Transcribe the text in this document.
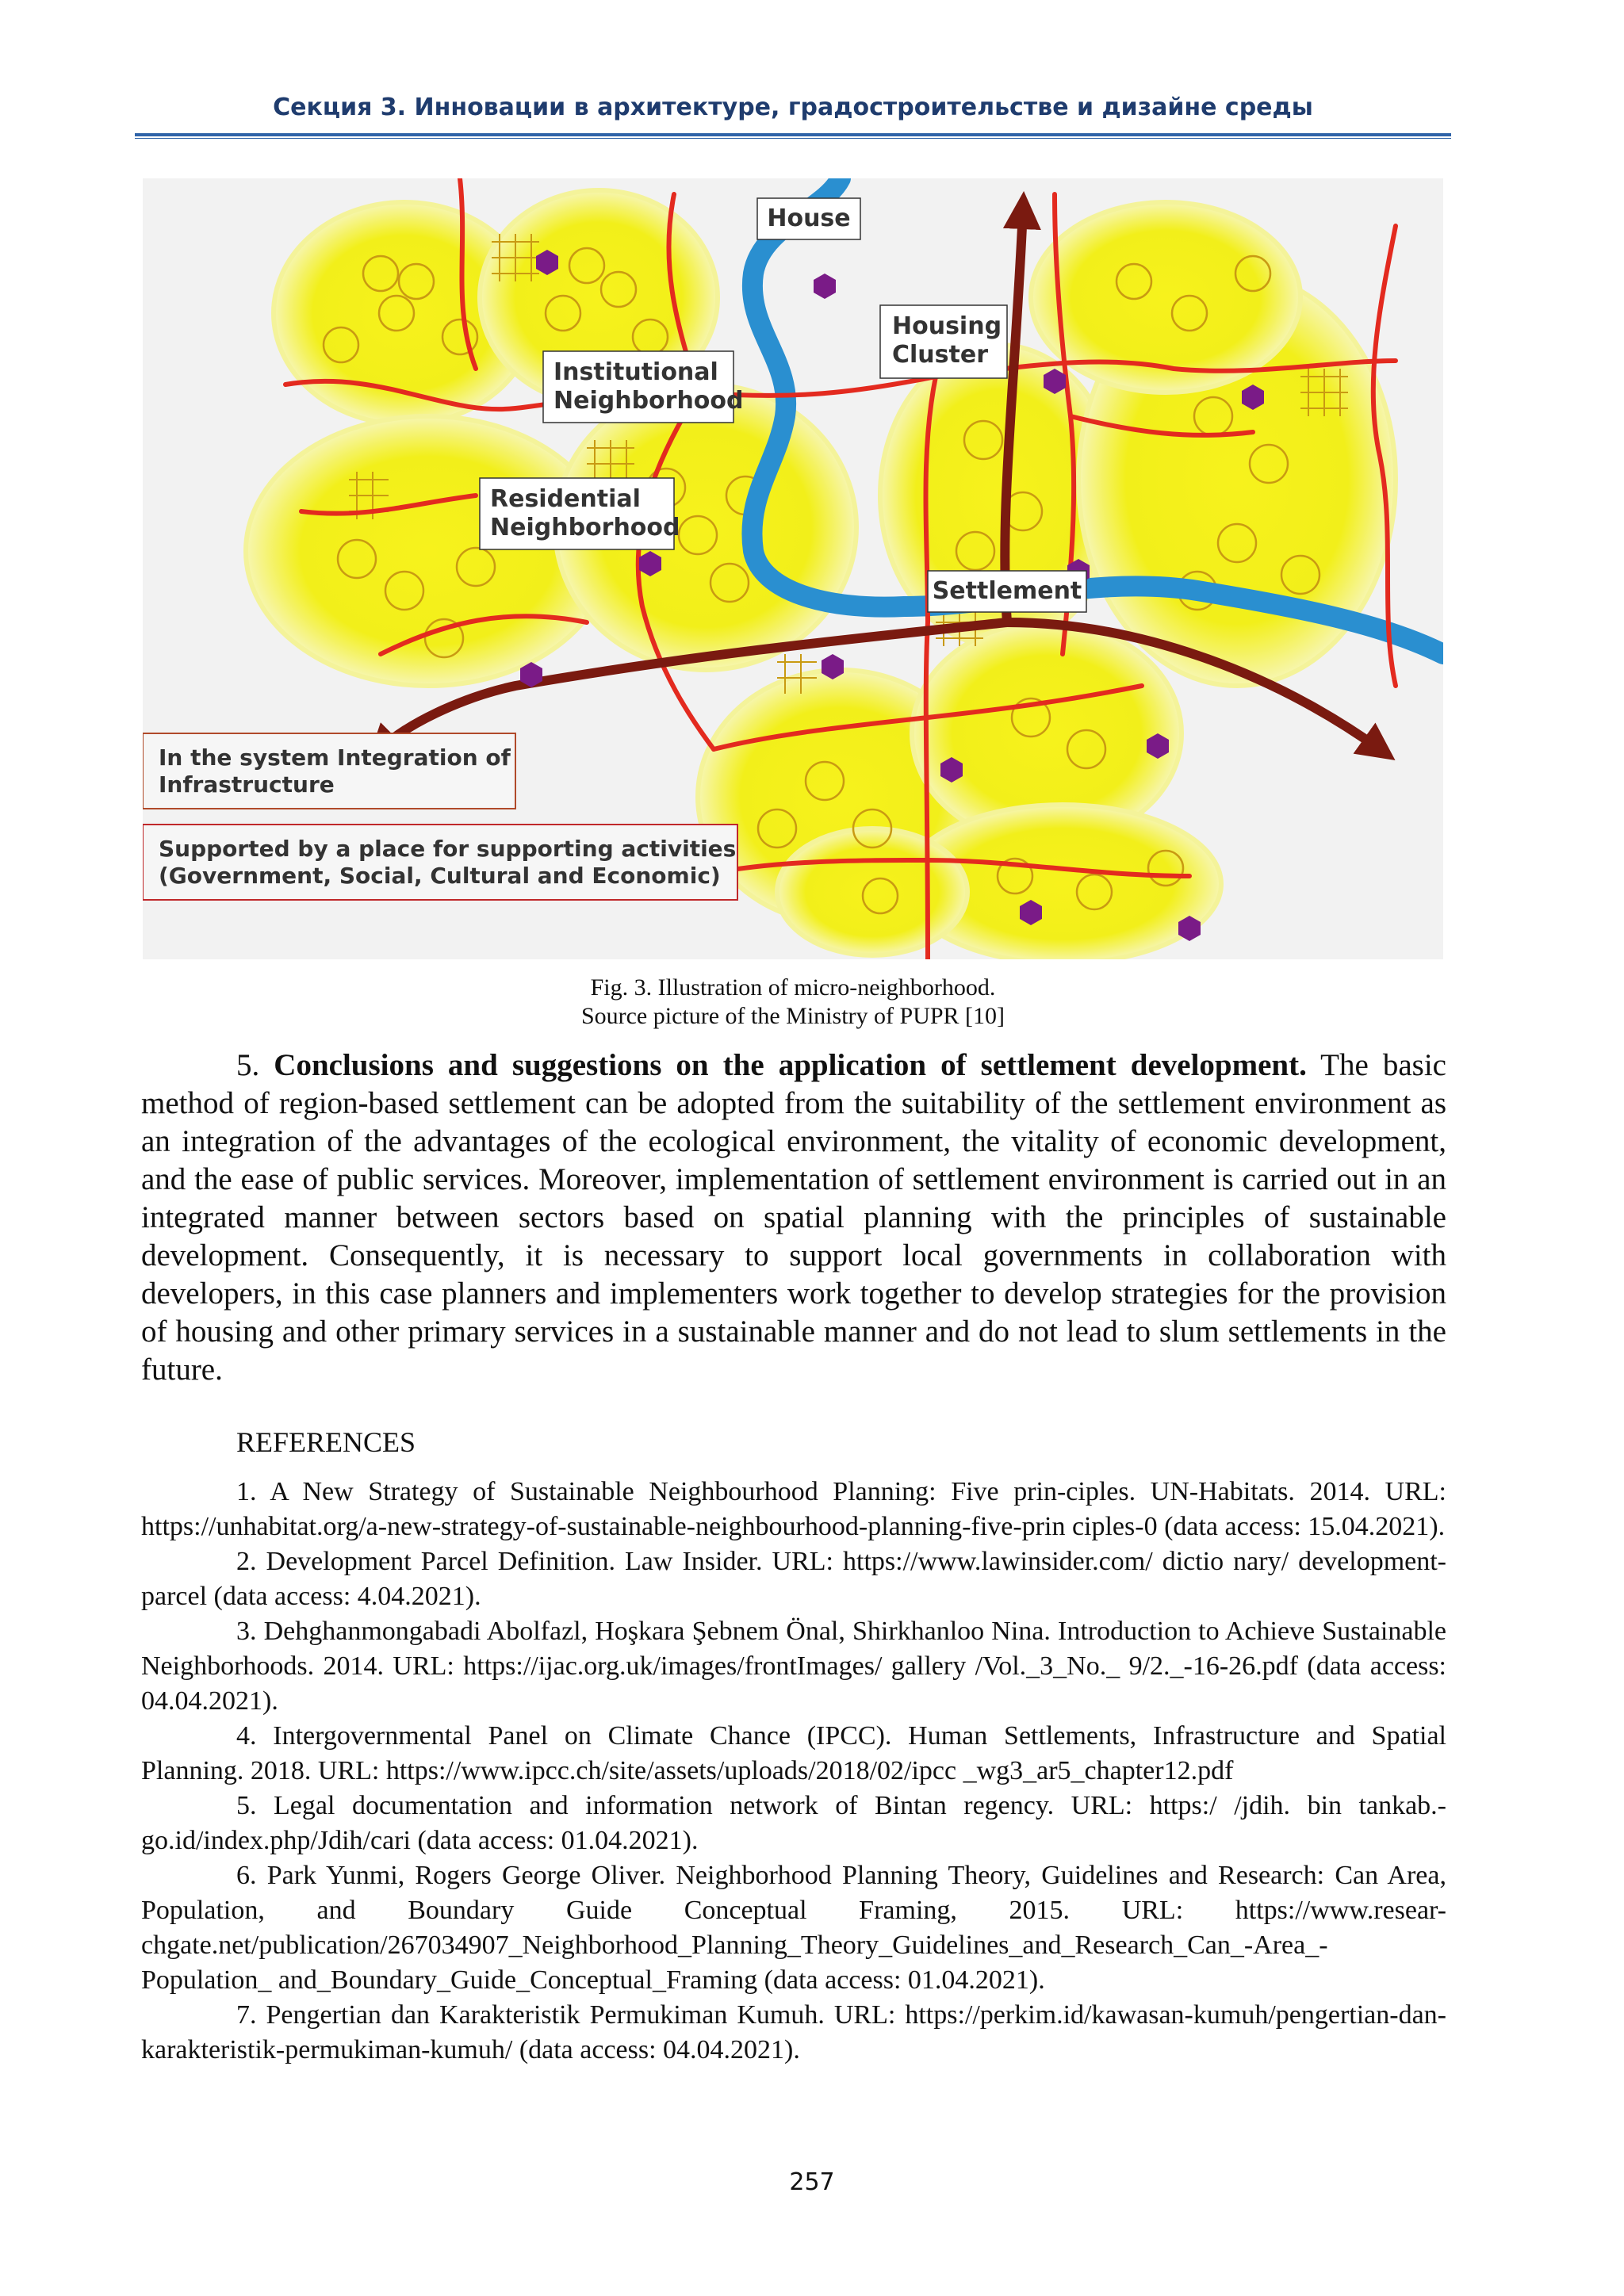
Секция 3. Инновации в архитектуре, градостроительстве и дизайне среды
House
Housing
Cluster
Institutional
Neighborhood
Residential
Neighborhood
Settlement
In the system Integration of
Infrastructure
Supported by a place for supporting activities
(Government, Social, Cultural and Economic)
Fig. 3. Illustration of micro-neighborhood.
Source picture of the Ministry of PUPR [10]

5. Conclusions and suggestions on the application of settlement development. The basic method of region-based settlement can be adopted from the suitability of the settlement environment as an integration of the advantages of the ecological environment, the vitality of economic development, and the ease of public services. Moreover, implementation of settlement environment is carried out in an integrated manner between sectors based on spatial planning with the principles of sustainable development. Consequently, it is necessary to support local governments in collaboration with developers, in this case planners and implementers work together to develop strategies for the provision of housing and other primary services in a sustainable manner and do not lead to slum settlements in the future.

REFERENCES

1. A New Strategy of Sustainable Neighbourhood Planning: Five prin-ciples. UN-Habitats. 2014. URL: https://unhabitat.org/a-new-strategy-of-sustainable-neighbourhood-planning-five-prin ciples-0 (data access: 15.04.2021).

2. Development Parcel Definition. Law Insider. URL: https://www.lawinsider.com/ dictio nary/ development-parcel (data access: 4.04.2021).

3. Dehghanmongabadi Abolfazl, Hoşkara Şebnem Önal, Shirkhanloo Nina. Introduction to Achieve Sustainable Neighborhoods. 2014. URL: https://ijac.org.uk/images/frontImages/ gallery /Vol._3_No._ 9/2._-16-26.pdf (data access: 04.04.2021).

4. Intergovernmental Panel on Climate Chance (IPCC). Human Settlements, Infrastructure and Spatial Planning. 2018. URL: https://www.ipcc.ch/site/assets/uploads/2018/02/ipcc _wg3_ar5_chapter12.pdf

5. Legal documentation and information network of Bintan regency. URL: https:/ /jdih. bin tankab.-go.id/index.php/Jdih/cari (data access: 01.04.2021).

6. Park Yunmi, Rogers George Oliver. Neighborhood Planning Theory, Guidelines and Research: Can Area, Population, and Boundary Guide Conceptual Framing, 2015. URL: https://www.resear-chgate.net/publication/267034907_Neighborhood_Planning_Theory_Guidelines_and_Research_Can_-Area_-Population_ and_Boundary_Guide_Conceptual_Framing (data access: 01.04.2021).

7. Pengertian dan Karakteristik Permukiman Kumuh. URL: https://perkim.id/kawasan-kumuh/pengertian-dan-karakteristik-permukiman-kumuh/ (data access: 04.04.2021).

257
